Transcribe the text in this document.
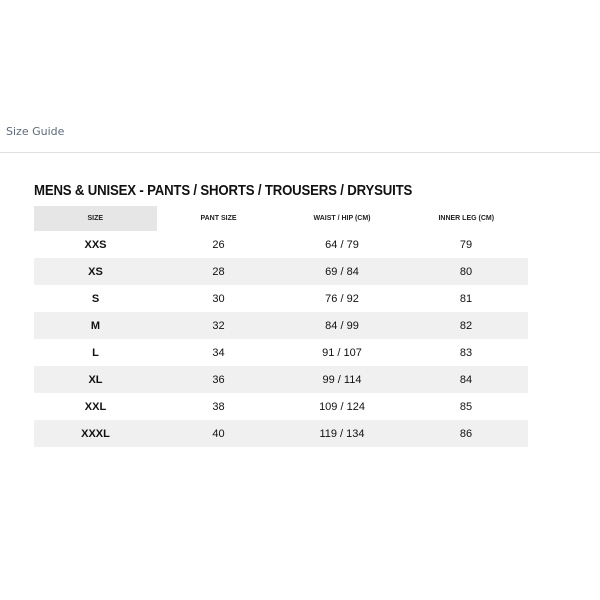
Size Guide
MENS & UNISEX - PANTS / SHORTS / TROUSERS / DRYSUITS
SIZE	PANT SIZE	WAIST / HIP (CM)	INNER LEG (CM)
XXS	26	64 / 79	79
XS	28	69 / 84	80
S	30	76 / 92	81
M	32	84 / 99	82
L	34	91 / 107	83
XL	36	99 / 114	84
XXL	38	109 / 124	85
XXXL	40	119 / 134	86
